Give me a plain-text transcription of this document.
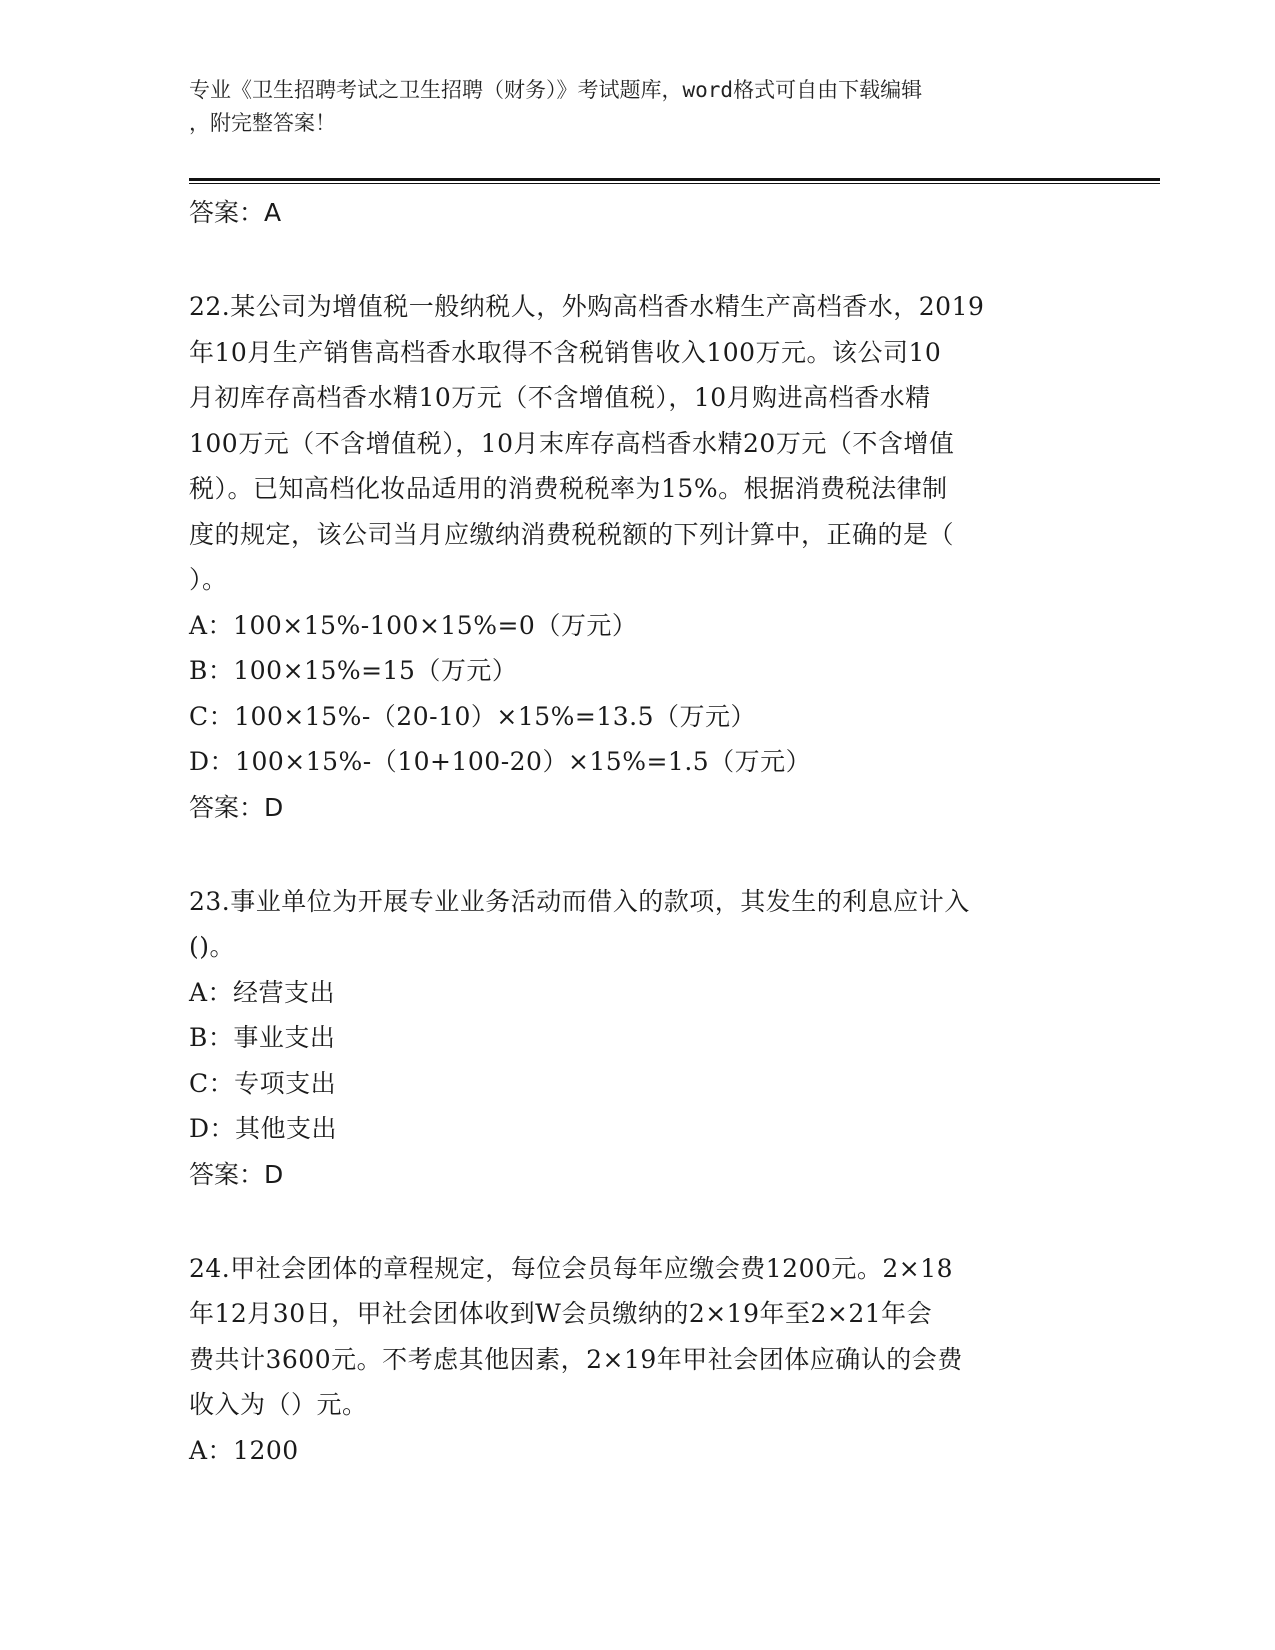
专业《卫生招聘考试之卫生招聘（财务）》考试题库，word格式可自由下载编辑
，附完整答案！
答案：A
22.某公司为增值税一般纳税人，外购高档香水精生产高档香水，2019
年10月生产销售高档香水取得不含税销售收入100万元。该公司10
月初库存高档香水精10万元（不含增值税），10月购进高档香水精
100万元（不含增值税），10月末库存高档香水精20万元（不含增值
税）。已知高档化妆品适用的消费税税率为15%。根据消费税法律制
度的规定，该公司当月应缴纳消费税税额的下列计算中，正确的是（
）。
A：100×15%-100×15%=0（万元）
B：100×15%=15（万元）
C：100×15%-（20-10）×15%=13.5（万元）
D：100×15%-（10+100-20）×15%=1.5（万元）
答案：D
23.事业单位为开展专业业务活动而借入的款项，其发生的利息应计入
()。
A：经营支出
B：事业支出
C：专项支出
D：其他支出
答案：D
24.甲社会团体的章程规定，每位会员每年应缴会费1200元。2×18
年12月30日，甲社会团体收到W会员缴纳的2×19年至2×21年会
费共计3600元。不考虑其他因素，2×19年甲社会团体应确认的会费
收入为（）元。
A：1200
